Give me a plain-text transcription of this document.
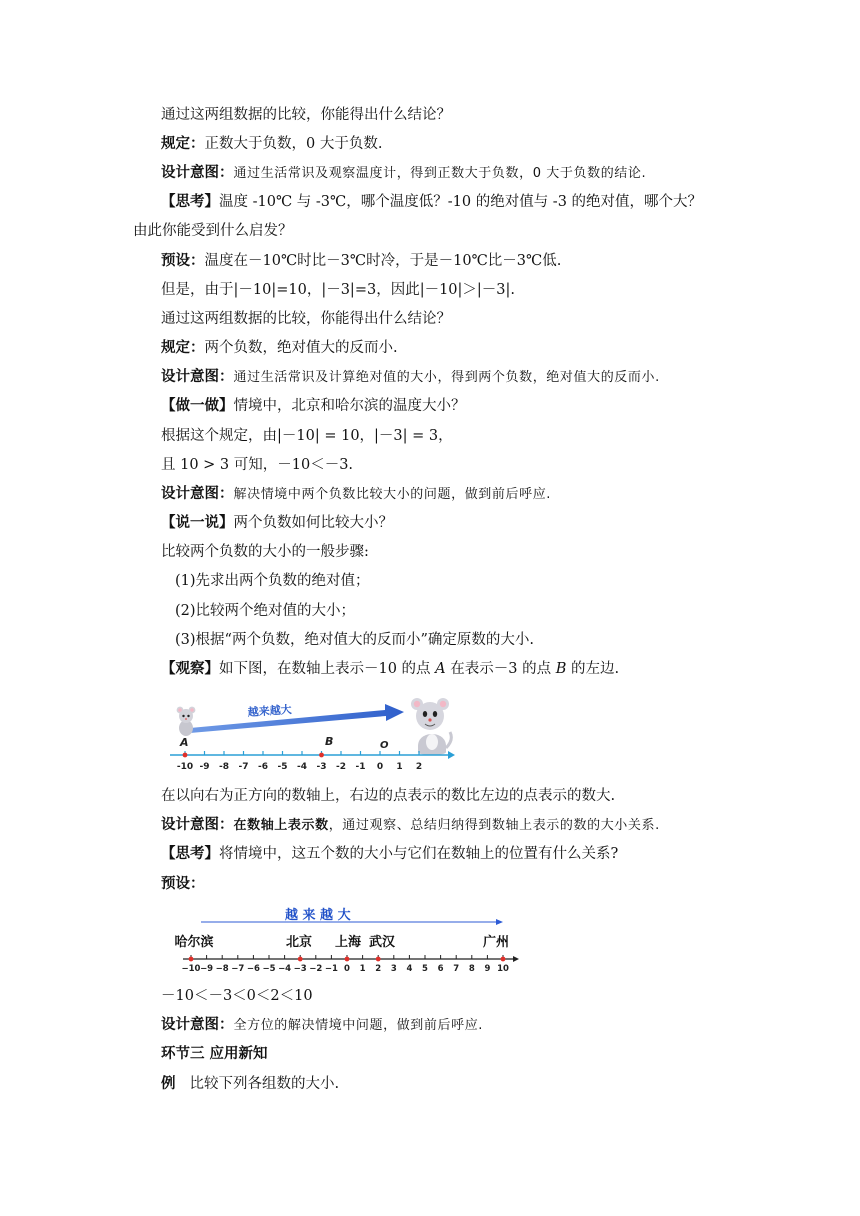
通过这两组数据的比较，你能得出什么结论？
规定：正数大于负数，0 大于负数.
设计意图：通过生活常识及观察温度计，得到正数大于负数，0 大于负数的结论.
【思考】温度 -10℃ 与 -3℃，哪个温度低？-10 的绝对值与 -3 的绝对值，哪个大？
由此你能受到什么启发？
预设：温度在－10℃时比－3℃时冷，于是－10℃比－3℃低.
但是，由于|－10|=10，|－3|=3，因此|－10|＞|－3|.
通过这两组数据的比较，你能得出什么结论？
规定：两个负数，绝对值大的反而小.
设计意图：通过生活常识及计算绝对值的大小，得到两个负数，绝对值大的反而小.
【做一做】情境中，北京和哈尔滨的温度大小？
根据这个规定，由|－10| = 10，|－3| = 3，
且 10 > 3 可知，－10＜－3.
设计意图：解决情境中两个负数比较大小的问题，做到前后呼应.
【说一说】两个负数如何比较大小？
比较两个负数的大小的一般步骤:
(1)先求出两个负数的绝对值；
(2)比较两个绝对值的大小；
(3)根据“两个负数，绝对值大的反而小”确定原数的大小.
【观察】如下图，在数轴上表示－10 的点 A 在表示－3 的点 B 的左边.
越来越大
A	B	O
-10 -9 -8 -7 -6 -5 -4 -3 -2 -1 0 1 2
在以向右为正方向的数轴上，右边的点表示的数比左边的点表示的数大.
设计意图：在数轴上表示数，通过观察、总结归纳得到数轴上表示的数的大小关系.
【思考】将情境中，这五个数的大小与它们在数轴上的位置有什么关系?
预设：
越 来 越 大
哈尔滨	北京 上海 武汉	广州
−10 −9 −8 −7 −6 −5 −4 −3 −2 −1 0 1 2 3 4 5 6 7 8 9 10
－10＜－3＜0＜2＜10
设计意图：全方位的解决情境中问题，做到前后呼应.
环节三 应用新知
例 比较下列各组数的大小.
